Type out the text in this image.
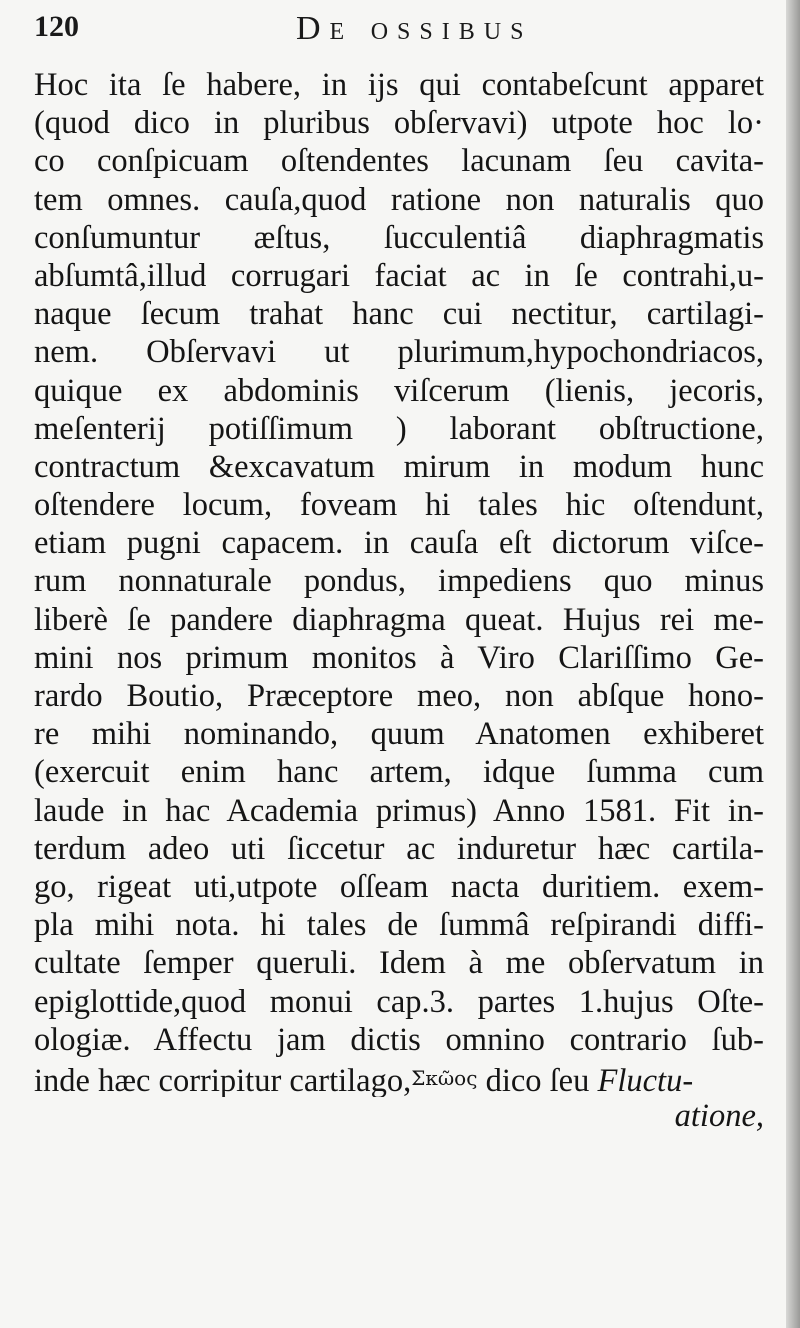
120	De ossibus
Hoc ita ſe habere, in ijs qui contabeſcunt apparet
(quod dico in pluribus obſervavi) utpote hoc lo·
co conſpicuam oſtendentes lacunam ſeu cavita-
tem omnes. cauſa,quod ratione non naturalis quo
conſumuntur æſtus, ſucculentiâ diaphragmatis
abſumtâ,illud corrugari faciat ac in ſe contrahi,u-
naque ſecum trahat hanc cui nectitur, cartilagi-
nem. Obſervavi ut plurimum,hypochondriacos,
quique ex abdominis viſcerum (lienis, jecoris,
meſenterij potiſſimum ) laborant obſtructione,
contractum &excavatum mirum in modum hunc
oſtendere locum, foveam hi tales hic oſtendunt,
etiam pugni capacem. in cauſa eſt dictorum viſce-
rum nonnaturale pondus, impediens quo minus
liberè ſe pandere diaphragma queat. Hujus rei me-
mini nos primum monitos à Viro Clariſſimo Ge-
rardo Boutio, Præceptore meo, non abſque hono-
re mihi nominando, quum Anatomen exhiberet
(exercuit enim hanc artem, idque ſumma cum
laude in hac Academia primus) Anno 1581. Fit in-
terdum adeo uti ſiccetur ac induretur hæc cartila-
go, rigeat uti,utpote oſſeam nacta duritiem. exem-
pla mihi nota. hi tales de ſummâ reſpirandi diffi-
cultate ſemper queruli. Idem à me obſervatum in
epiglottide,quod monui cap.3. partes 1.hujus Oſte-
ologiæ. Affectu jam dictis omnino contrario ſub-
inde hæc corripitur cartilago,Σκῶος dico ſeu Fluctu-
atione,
